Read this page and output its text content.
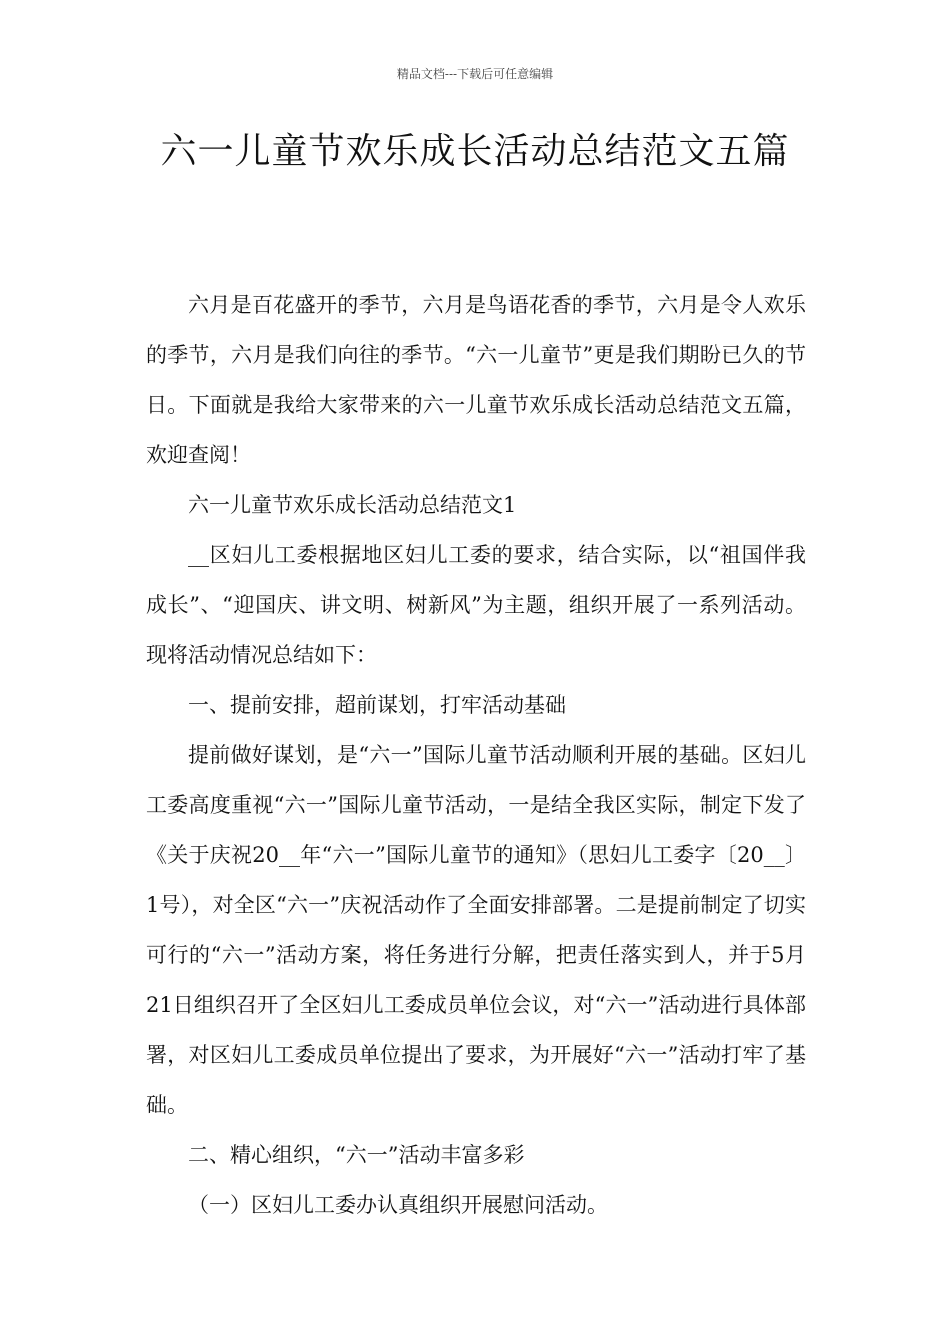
精品文档---下载后可任意编辑
六一儿童节欢乐成长活动总结范文五篇

六月是百花盛开的季节，六月是鸟语花香的季节，六月是令人欢乐的季节，六月是我们向往的季节。“六一儿童节”更是我们期盼已久的节日。下面就是我给大家带来的六一儿童节欢乐成长活动总结范文五篇，欢迎查阅！

六一儿童节欢乐成长活动总结范文1

__区妇儿工委根据地区妇儿工委的要求，结合实际，以“祖国伴我成长”、“迎国庆、讲文明、树新风”为主题，组织开展了一系列活动。现将活动情况总结如下：

一、提前安排，超前谋划，打牢活动基础

提前做好谋划，是“六一”国际儿童节活动顺利开展的基础。区妇儿工委高度重视“六一”国际儿童节活动，一是结全我区实际，制定下发了《关于庆祝20__年“六一”国际儿童节的通知》（思妇儿工委字〔20__〕1号），对全区“六一”庆祝活动作了全面安排部署。二是提前制定了切实可行的“六一”活动方案，将任务进行分解，把责任落实到人，并于5月21日组织召开了全区妇儿工委成员单位会议，对“六一”活动进行具体部署，对区妇儿工委成员单位提出了要求，为开展好“六一”活动打牢了基础。

二、精心组织，“六一”活动丰富多彩

（一）区妇儿工委办认真组织开展慰问活动。
